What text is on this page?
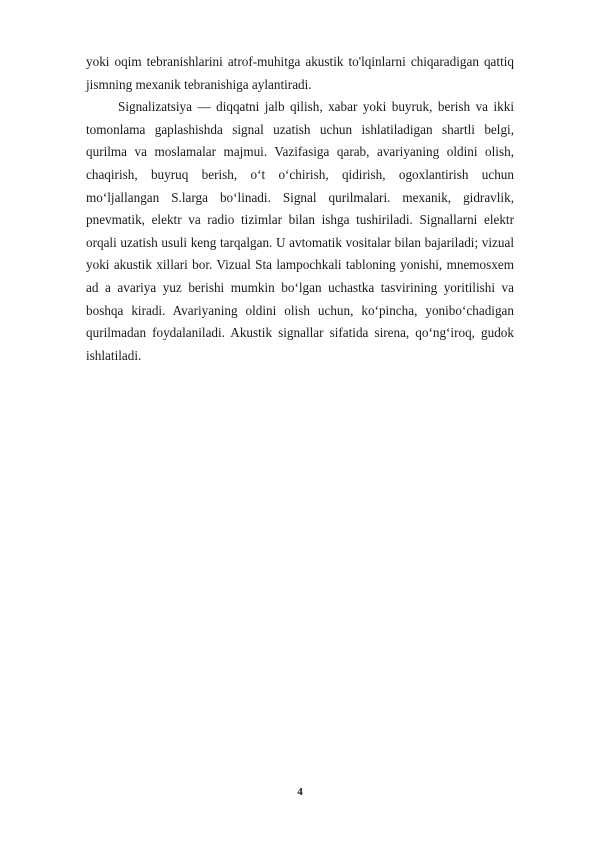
yoki oqim tebranishlarini atrof-muhitga akustik to'lqinlarni chiqaradigan qattiq jismning mexanik tebranishiga aylantiradi.

Signalizatsiya — diqqatni jalb qilish, xabar yoki buyruk, berish va ikki tomonlama gaplashishda signal uzatish uchun ishlatiladigan shartli belgi, qurilma va moslamalar majmui. Vazifasiga qarab, avariyaning oldini olish, chaqirish, buyruq berish, o‘t o‘chirish, qidirish, ogoxlantirish uchun mo‘ljallangan S.larga bo‘linadi. Signal qurilmalari. mexanik, gidravlik, pnevmatik, elektr va radio tizimlar bilan ishga tushiriladi. Signallarni elektr orqali uzatish usuli keng tarqalgan. U avtomatik vositalar bilan bajariladi; vizual yoki akustik xillari bor. Vizual Sta lampochkali tabloning yonishi, mnemosxem ad a avariya yuz berishi mumkin bo‘lgan uchastka tasvirining yoritilishi va boshqa kiradi. Avariyaning oldini olish uchun, ko‘pincha, yonibo‘chadigan qurilmadan foydalaniladi. Akustik signallar sifatida sirena, qo‘ng‘iroq, gudok ishlatiladi.

4
